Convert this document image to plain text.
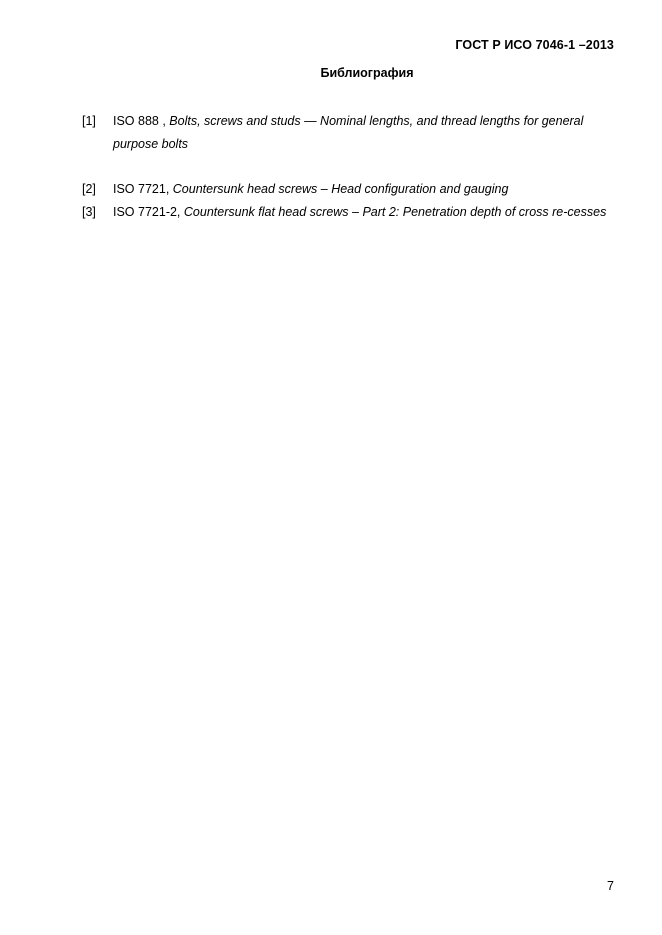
ГОСТ Р ИСО 7046-1 –2013
Библиография
[1]	ISO 888 , Bolts, screws and studs — Nominal lengths, and thread lengths for general purpose bolts
[2]	ISO 7721, Countersunk head screws – Head configuration and gauging
[3]	ISO 7721-2, Countersunk flat head screws – Part 2: Penetration depth of cross re-cesses
7
